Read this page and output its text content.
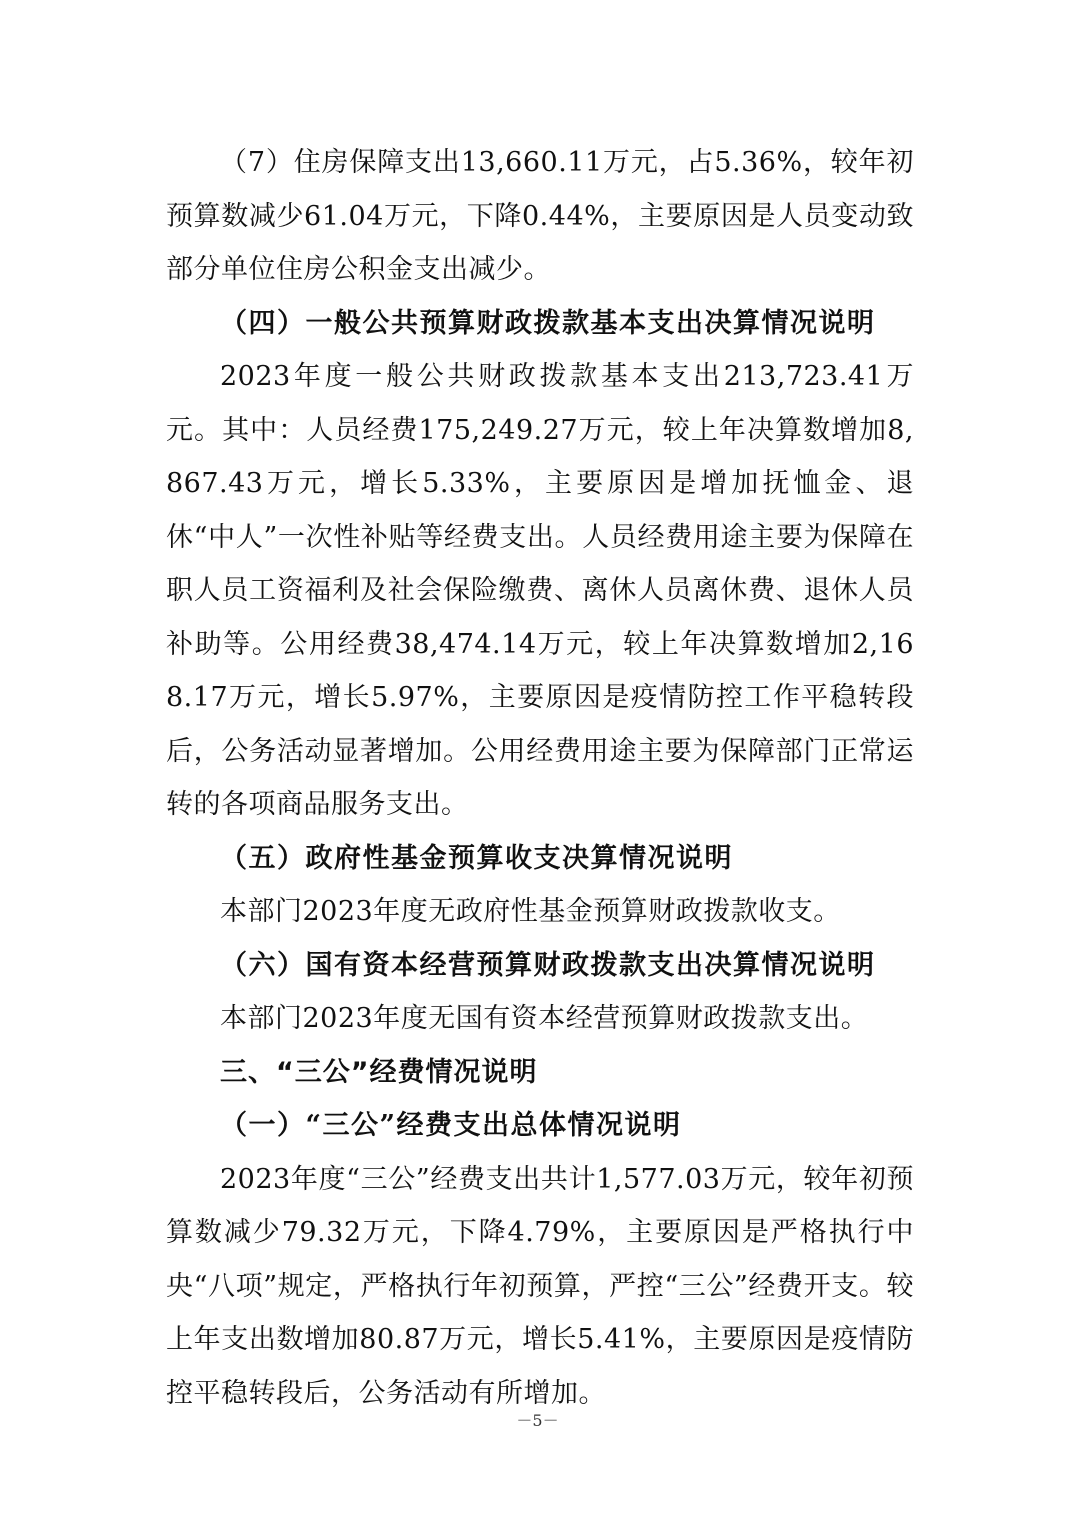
（7）住房保障支出13,660.11万元，占5.36%，较年初预算数减少61.04万元，下降0.44%，主要原因是人员变动致部分单位住房公积金支出减少。

（四）一般公共预算财政拨款基本支出决算情况说明

2023年度一般公共财政拨款基本支出213,723.41万元。其中：人员经费175,249.27万元，较上年决算数增加8,867.43万元，增长5.33%，主要原因是增加抚恤金、退休“中人”一次性补贴等经费支出。人员经费用途主要为保障在职人员工资福利及社会保险缴费、离休人员离休费、退休人员补助等。公用经费38,474.14万元，较上年决算数增加2,168.17万元，增长5.97%，主要原因是疫情防控工作平稳转段后，公务活动显著增加。公用经费用途主要为保障部门正常运转的各项商品服务支出。

（五）政府性基金预算收支决算情况说明

本部门2023年度无政府性基金预算财政拨款收支。

（六）国有资本经营预算财政拨款支出决算情况说明

本部门2023年度无国有资本经营预算财政拨款支出。

三、“三公”经费情况说明

（一）“三公”经费支出总体情况说明

2023年度“三公”经费支出共计1,577.03万元，较年初预算数减少79.32万元，下降4.79%，主要原因是严格执行中央“八项”规定，严格执行年初预算，严控“三公”经费开支。较上年支出数增加80.87万元，增长5.41%，主要原因是疫情防控平稳转段后，公务活动有所增加。

－5－
